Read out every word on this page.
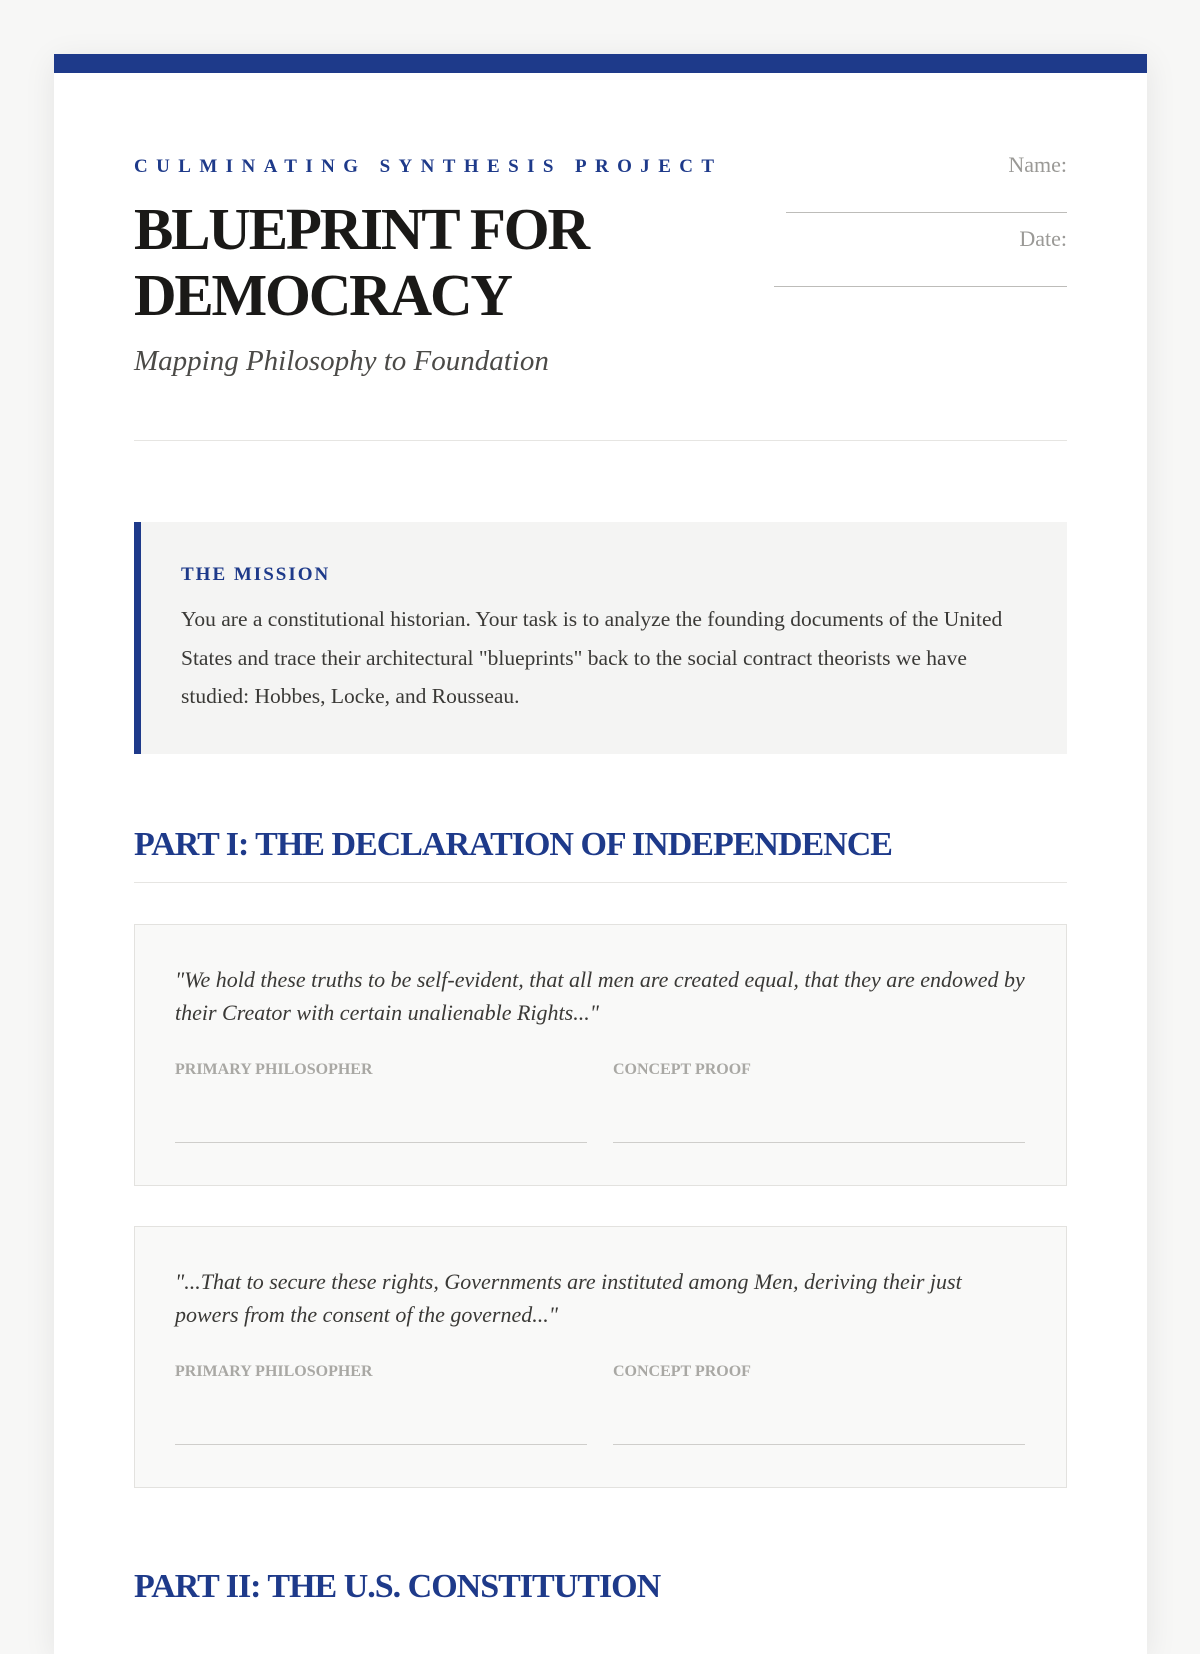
CULMINATING SYNTHESIS PROJECT
BLUEPRINT FOR DEMOCRACY
Mapping Philosophy to Foundation
Name:
Date:
THE MISSION

You are a constitutional historian. Your task is to analyze the founding documents of the United States and trace their architectural "blueprints" back to the social contract theorists we have studied: Hobbes, Locke, and Rousseau.

PART I: THE DECLARATION OF INDEPENDENCE

"We hold these truths to be self-evident, that all men are created equal, that they are endowed by their Creator with certain unalienable Rights..."

PRIMARY PHILOSOPHER	CONCEPT PROOF

"...That to secure these rights, Governments are instituted among Men, deriving their just powers from the consent of the governed..."

PRIMARY PHILOSOPHER	CONCEPT PROOF
PART II: THE U.S. CONSTITUTION
